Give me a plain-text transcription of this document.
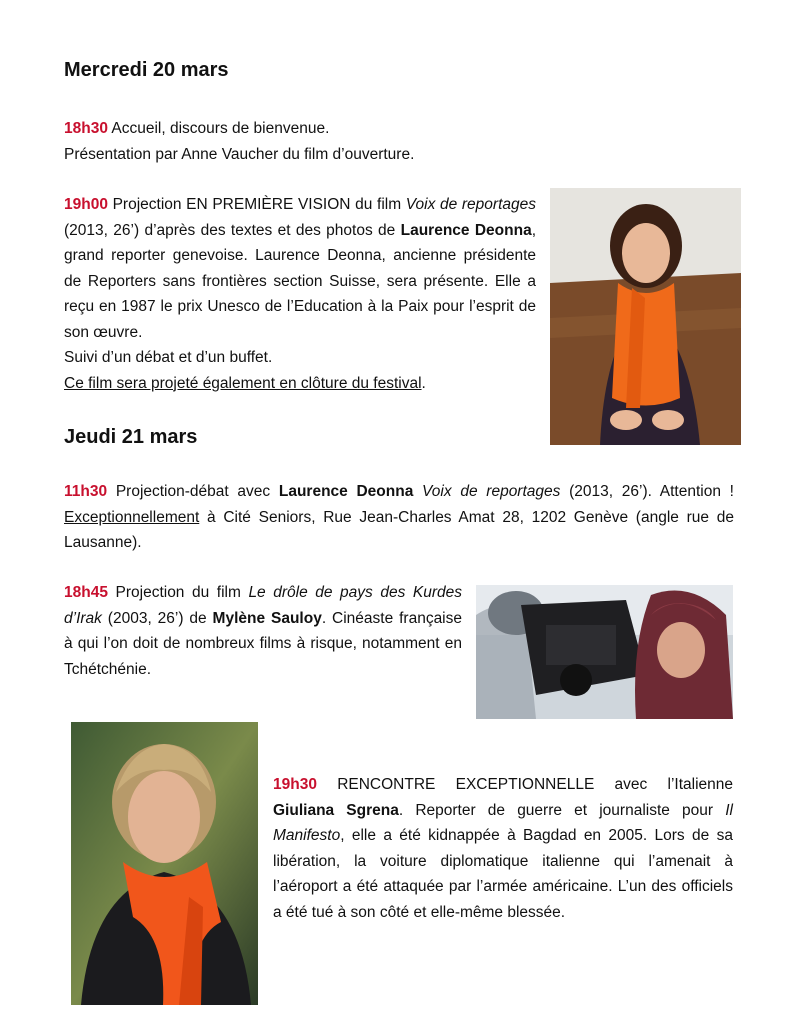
Mercredi 20 mars
18h30 Accueil, discours de bienvenue.
Présentation par Anne Vaucher du film d’ouverture.
19h00 Projection EN PREMIÈRE VISION du film Voix de reportages (2013, 26’) d’après des textes et des photos de Laurence Deonna, grand reporter genevoise. Laurence Deonna, ancienne présidente de Reporters sans frontières section Suisse, sera présente. Elle a reçu en 1987 le prix Unesco de l’Education à la Paix pour l’esprit de son œuvre.
Suivi d’un débat et d’un buffet.
Ce film sera projeté également en clôture du festival.
Jeudi 21 mars
11h30 Projection-débat avec Laurence Deonna Voix de reportages (2013, 26’). Attention ! Exceptionnellement à Cité Seniors, Rue Jean-Charles Amat 28, 1202 Genève (angle rue de Lausanne).
18h45 Projection du film Le drôle de pays des Kurdes d’Irak (2003, 26’) de Mylène Sauloy. Cinéaste française à qui l’on doit de nombreux films à risque, notamment en Tchétchénie.
19h30 RENCONTRE EXCEPTIONNELLE avec l’Italienne Giuliana Sgrena. Reporter de guerre et journaliste pour Il Manifesto, elle a été kidnappée à Bagdad en 2005. Lors de sa libération, la voiture diplomatique italienne qui l’amenait à l’aéroport a été attaquée par l’armée américaine. L’un des officiels a été tué à son côté et elle-même blessée.
